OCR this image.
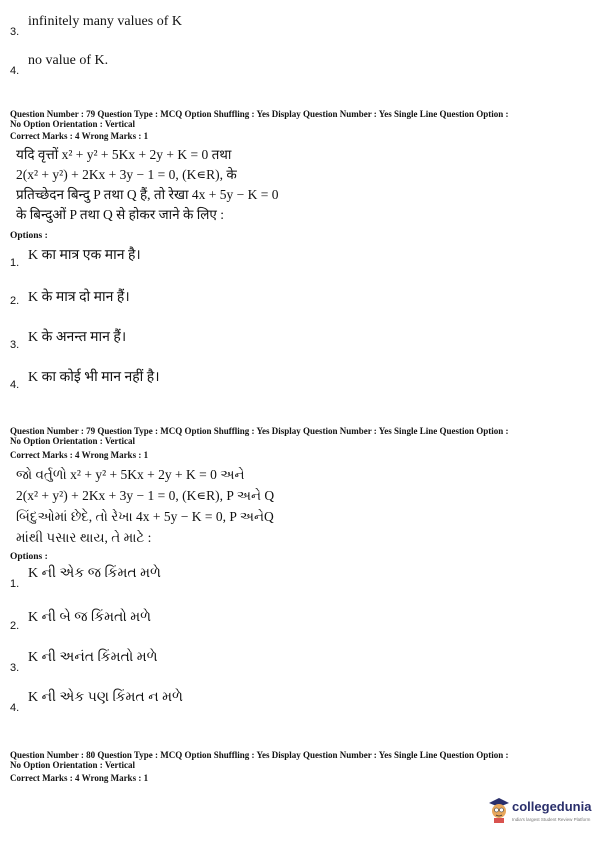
3.
infinitely many values of K
4.
no value of K.
Question Number : 79 Question Type : MCQ Option Shuffling : Yes Display Question Number : Yes Single Line Question Option :
No Option Orientation : Vertical
Correct Marks : 4 Wrong Marks : 1
यदि वृत्तों x² + y² + 5Kx + 2y + K = 0 तथा
2(x² + y²) + 2Kx + 3y − 1 = 0, (K∊R), के
प्रतिच्छेदन बिन्दु P तथा Q हैं, तो रेखा 4x + 5y − K = 0
के बिन्दुओं P तथा Q से होकर जाने के लिए :
Options :
1. K का मात्र एक मान है।
2. K के मात्र दो मान हैं।
3. K के अनन्त मान हैं।
4. K का कोई भी मान नहीं है।
Question Number : 79 Question Type : MCQ Option Shuffling : Yes Display Question Number : Yes Single Line Question Option :
No Option Orientation : Vertical
Correct Marks : 4 Wrong Marks : 1
જો વર્તુળો x² + y² + 5Kx + 2y + K = 0 અને
2(x² + y²) + 2Kx + 3y − 1 = 0, (K∊R), P અને Q
બિંદુઓમાં છેદે, તો રેખા 4x + 5y − K = 0, P અનેQ
માંથી પસાર થાય, તે માટે :
Options :
1.
K ની એક જ કિંમત મળે
2.
K ની બે જ કિંમતો મળે
3.
K ની અનંત કિંમતો મળે
4.
K ની એક પણ કિંમત ન મળે
Question Number : 80 Question Type : MCQ Option Shuffling : Yes Display Question Number : Yes Single Line Question Option :
No Option Orientation : Vertical
Correct Marks : 4 Wrong Marks : 1
collegedunia
India's largest Student Review Platform
